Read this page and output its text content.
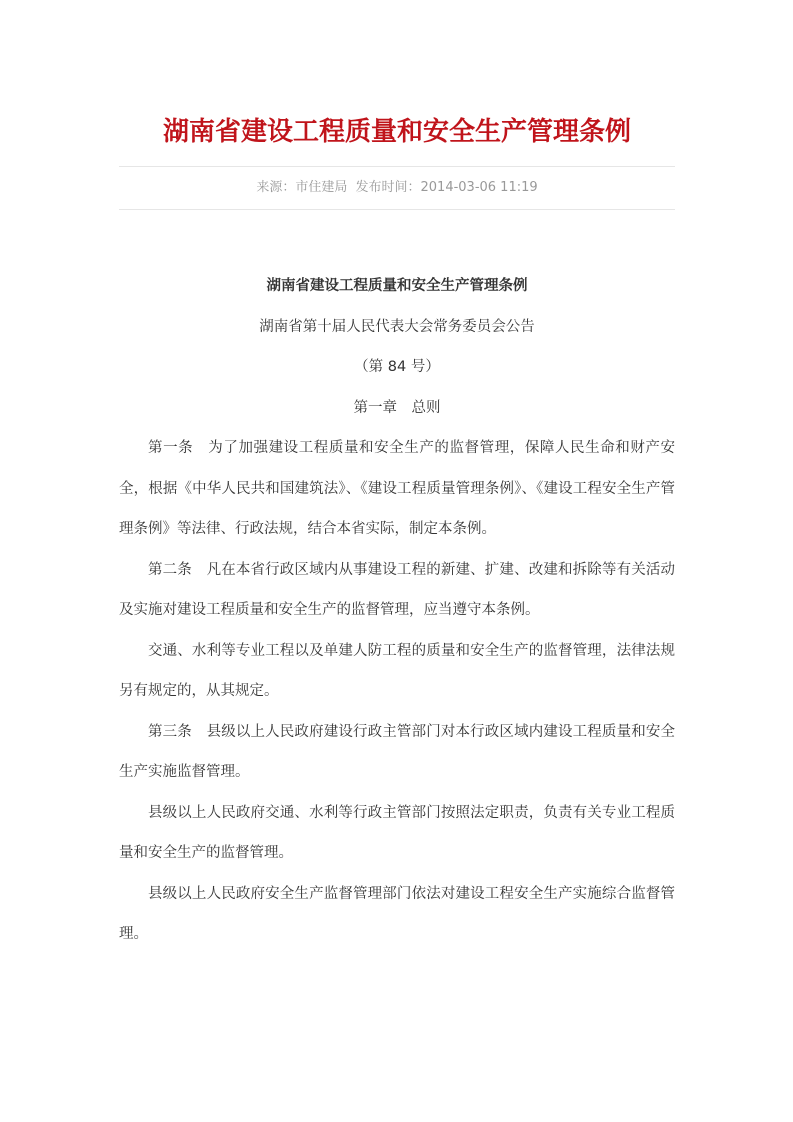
湖南省建设工程质量和安全生产管理条例
来源：市住建局 发布时间：2014-03-06 11:19

湖南省建设工程质量和安全生产管理条例

湖南省第十届人民代表大会常务委员会公告

（第 84 号）

第一章　总则

第一条　为了加强建设工程质量和安全生产的监督管理，保障人民生命和财产安全，根据《中华人民共和国建筑法》、《建设工程质量管理条例》、《建设工程安全生产管理条例》等法律、行政法规，结合本省实际，制定本条例。

第二条　凡在本省行政区域内从事建设工程的新建、扩建、改建和拆除等有关活动及实施对建设工程质量和安全生产的监督管理，应当遵守本条例。

交通、水利等专业工程以及单建人防工程的质量和安全生产的监督管理，法律法规另有规定的，从其规定。

第三条　县级以上人民政府建设行政主管部门对本行政区域内建设工程质量和安全生产实施监督管理。

县级以上人民政府交通、水利等行政主管部门按照法定职责，负责有关专业工程质量和安全生产的监督管理。

县级以上人民政府安全生产监督管理部门依法对建设工程安全生产实施综合监督管理。
